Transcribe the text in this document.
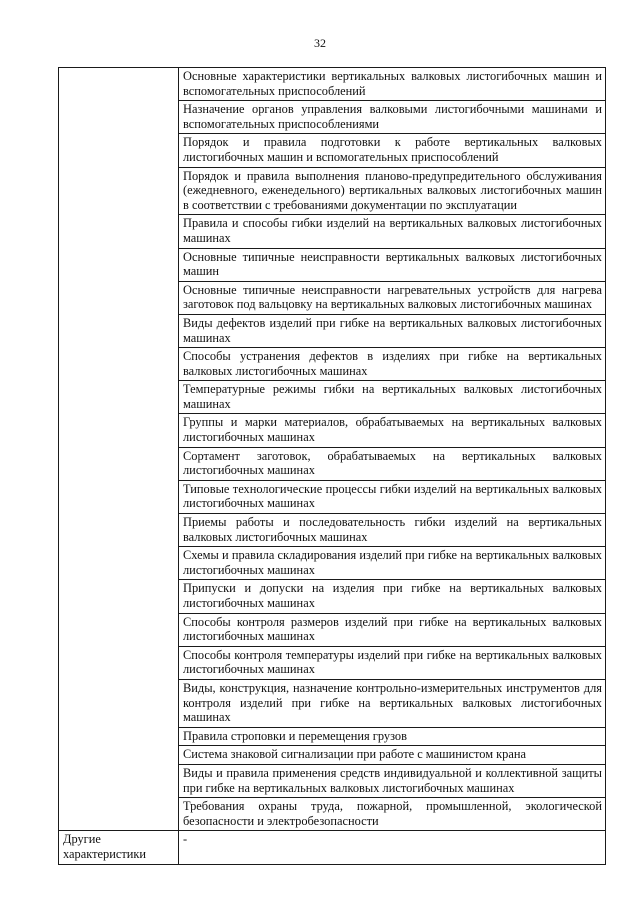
32
	Основные характеристики вертикальных валковых листогибочных машин и вспомогательных приспособлений
	Назначение органов управления валковыми листогибочными машинами и вспомогательных приспособлениями
	Порядок и правила подготовки к работе вертикальных валковых листогибочных машин и вспомогательных приспособлений
	Порядок и правила выполнения планово-предупредительного обслуживания (ежедневного, еженедельного) вертикальных валковых листогибочных машин в соответствии с требованиями документации по эксплуатации
	Правила и способы гибки изделий на вертикальных валковых листогибочных машинах
	Основные типичные неисправности вертикальных валковых листогибочных машин
	Основные типичные неисправности нагревательных устройств для нагрева заготовок под вальцовку на вертикальных валковых листогибочных машинах
	Виды дефектов изделий при гибке на вертикальных валковых листогибочных машинах
	Способы устранения дефектов в изделиях при гибке на вертикальных валковых листогибочных машинах
	Температурные режимы гибки на вертикальных валковых листогибочных машинах
	Группы и марки материалов, обрабатываемых на вертикальных валковых листогибочных машинах
	Сортамент заготовок, обрабатываемых на вертикальных валковых листогибочных машинах
	Типовые технологические процессы гибки изделий на вертикальных валковых листогибочных машинах
	Приемы работы и последовательность гибки изделий на вертикальных валковых листогибочных машинах
	Схемы и правила складирования изделий при гибке на вертикальных валковых листогибочных машинах
	Припуски и допуски на изделия при гибке на вертикальных валковых листогибочных машинах
	Способы контроля размеров изделий при гибке на вертикальных валковых листогибочных машинах
	Способы контроля температуры изделий при гибке на вертикальных валковых листогибочных машинах
	Виды, конструкция, назначение контрольно-измерительных инструментов для контроля изделий при гибке на вертикальных валковых листогибочных машинах
	Правила строповки и перемещения грузов
	Система знаковой сигнализации при работе с машинистом крана
	Виды и правила применения средств индивидуальной и коллективной защиты при гибке на вертикальных валковых листогибочных машинах
	Требования охраны труда, пожарной, промышленной, экологической безопасности и электробезопасности
Другие характеристики	-
